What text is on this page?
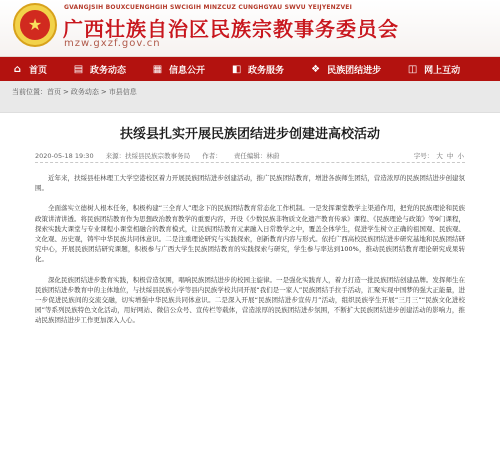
★
GVANGJSIH BOUXCUENGHGIH SWCIGIH MINZCUZ CUNGHGYAU SWVU YEIJYENZVEI
广西壮族自治区民族宗教事务委员会
mzw.gxzf.gov.cn
⌂ 首页	▤ 政务动态	▦ 信息公开	◧ 政务服务	❖ 民族团结进步	◫ 网上互动
当前位置： 首页 > 政务动态 > 市县信息
扶绥县扎实开展民族团结进步创建进高校活动
2020-05-18 19:30 来源：扶绥县民族宗教事务局 作者： 责任编辑：林蔚	字号： 大 中 小

近年来，扶绥县桂林理工大学空港校区着力开展民族团结进步创建活动，推广民族团结教育，增进各族师生团结，营造浓厚的民族团结进步创建氛围。

全面落实立德树人根本任务，积极构建“三全育人”理念下的民族团结教育常态化工作机制。一是发挥课堂教学主渠道作用，把党的民族理论和民族政策讲清讲透。将民族团结教育作为思想政治教育教学的重要内容，开设《少数民族非物质文化遗产教育传承》课程、《民族理论与政策》等9门课程，探索实践大课堂与专业课程小课堂相融合的教育模式，让民族团结教育元素融入日常教学之中，覆盖全体学生，促进学生树立正确的祖国观、民族观、文化观、历史观，铸牢中华民族共同体意识。二是注重理论研究与实践探索，创新教育内容与形式。依托广西高校民族团结进步研究基地和民族团结研究中心，开展民族团结研究课题，积极参与广西大学生民族团结教育的实践探索与研究，学生参与率达到100%，推动民族团结教育理论研究成果转化。

深化民族团结进步教育实践，积极营造氛围，唱响民族团结进步的校园主旋律。一是强化实践育人，着力打造一批民族团结创建品牌。发挥师生在民族团结进步教育中的主体地位，与扶绥县民族小学等县内民族学校共同开展“我们是一家人”民族团结手拉手活动，汇聚实现中国梦的强大正能量，进一步促进民族间的交流交融，切实增强中华民族共同体意识。二是深入开展“民族团结进步宣传月”活动，组织民族学生开展“三月三”“民族文化进校园”等系列民族特色文化活动，用好网站、微信公众号、宣传栏等载体，营造浓厚的民族团结进步氛围，不断扩大民族团结进步创建活动的影响力，推动民族团结进步工作更加深入人心。
